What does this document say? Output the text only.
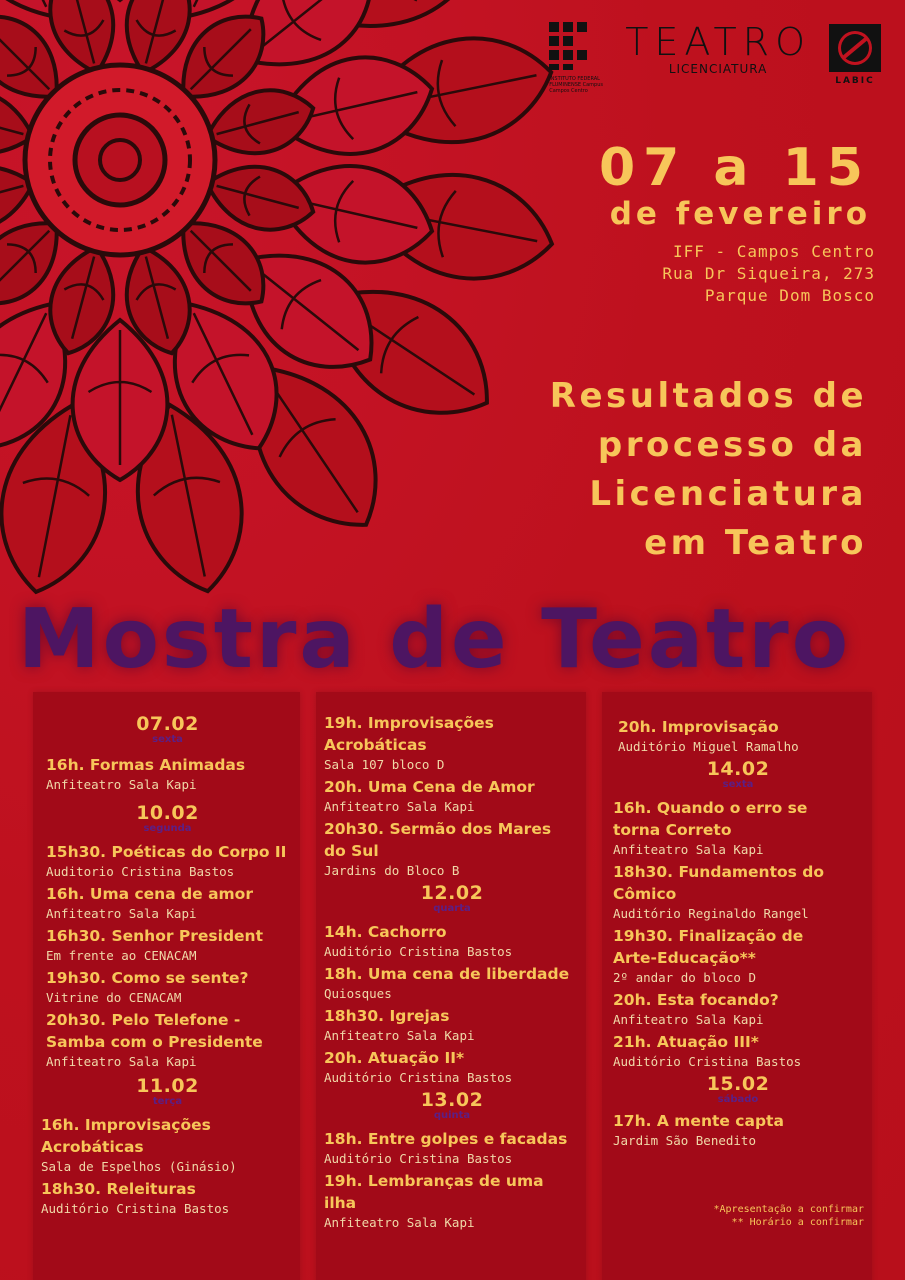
INSTITUTO FEDERAL FLUMINENSE Campus Campos Centro
TEATRO
LICENCIATURA
LABIC
07 a 15
de fevereiro
IFF - Campos Centro
Rua Dr Siqueira, 273
Parque Dom Bosco
Resultados de
processo da
Licenciatura
em Teatro
Mostra de Teatro
07.02
sexta
16h. Formas Animadas
Anfiteatro Sala Kapi
10.02
segunda
15h30. Poéticas do Corpo II
Auditorio Cristina Bastos
16h. Uma cena de amor
Anfiteatro Sala Kapi
16h30. Senhor President
Em frente ao CENACAM
19h30. Como se sente?
Vitrine do CENACAM
20h30. Pelo Telefone -
Samba com o Presidente
Anfiteatro Sala Kapi
11.02
terça
16h. Improvisações
Acrobáticas
Sala de Espelhos (Ginásio)
18h30. Releituras
Auditório Cristina Bastos
19h. Improvisações
Acrobáticas
Sala 107 bloco D
20h. Uma Cena de Amor
Anfiteatro Sala Kapi
20h30. Sermão dos Mares
do Sul
Jardins do Bloco B
12.02
quarta
14h. Cachorro
Auditório Cristina Bastos
18h. Uma cena de liberdade
Quiosques
18h30. Igrejas
Anfiteatro Sala Kapi
20h. Atuação II*
Auditório Cristina Bastos
13.02
quinta
18h. Entre golpes e facadas
Auditório Cristina Bastos
19h. Lembranças de uma
ilha
Anfiteatro Sala Kapi
20h. Improvisação
Auditório Miguel Ramalho
14.02
sexta
16h. Quando o erro se
torna Correto
Anfiteatro Sala Kapi
18h30. Fundamentos do
Cômico
Auditório Reginaldo Rangel
19h30. Finalização de
Arte-Educação**
2º andar do bloco D
20h. Esta focando?
Anfiteatro Sala Kapi
21h. Atuação III*
Auditório Cristina Bastos
15.02
sábado
17h. A mente capta
Jardim São Benedito
*Apresentação a confirmar
** Horário a confirmar
